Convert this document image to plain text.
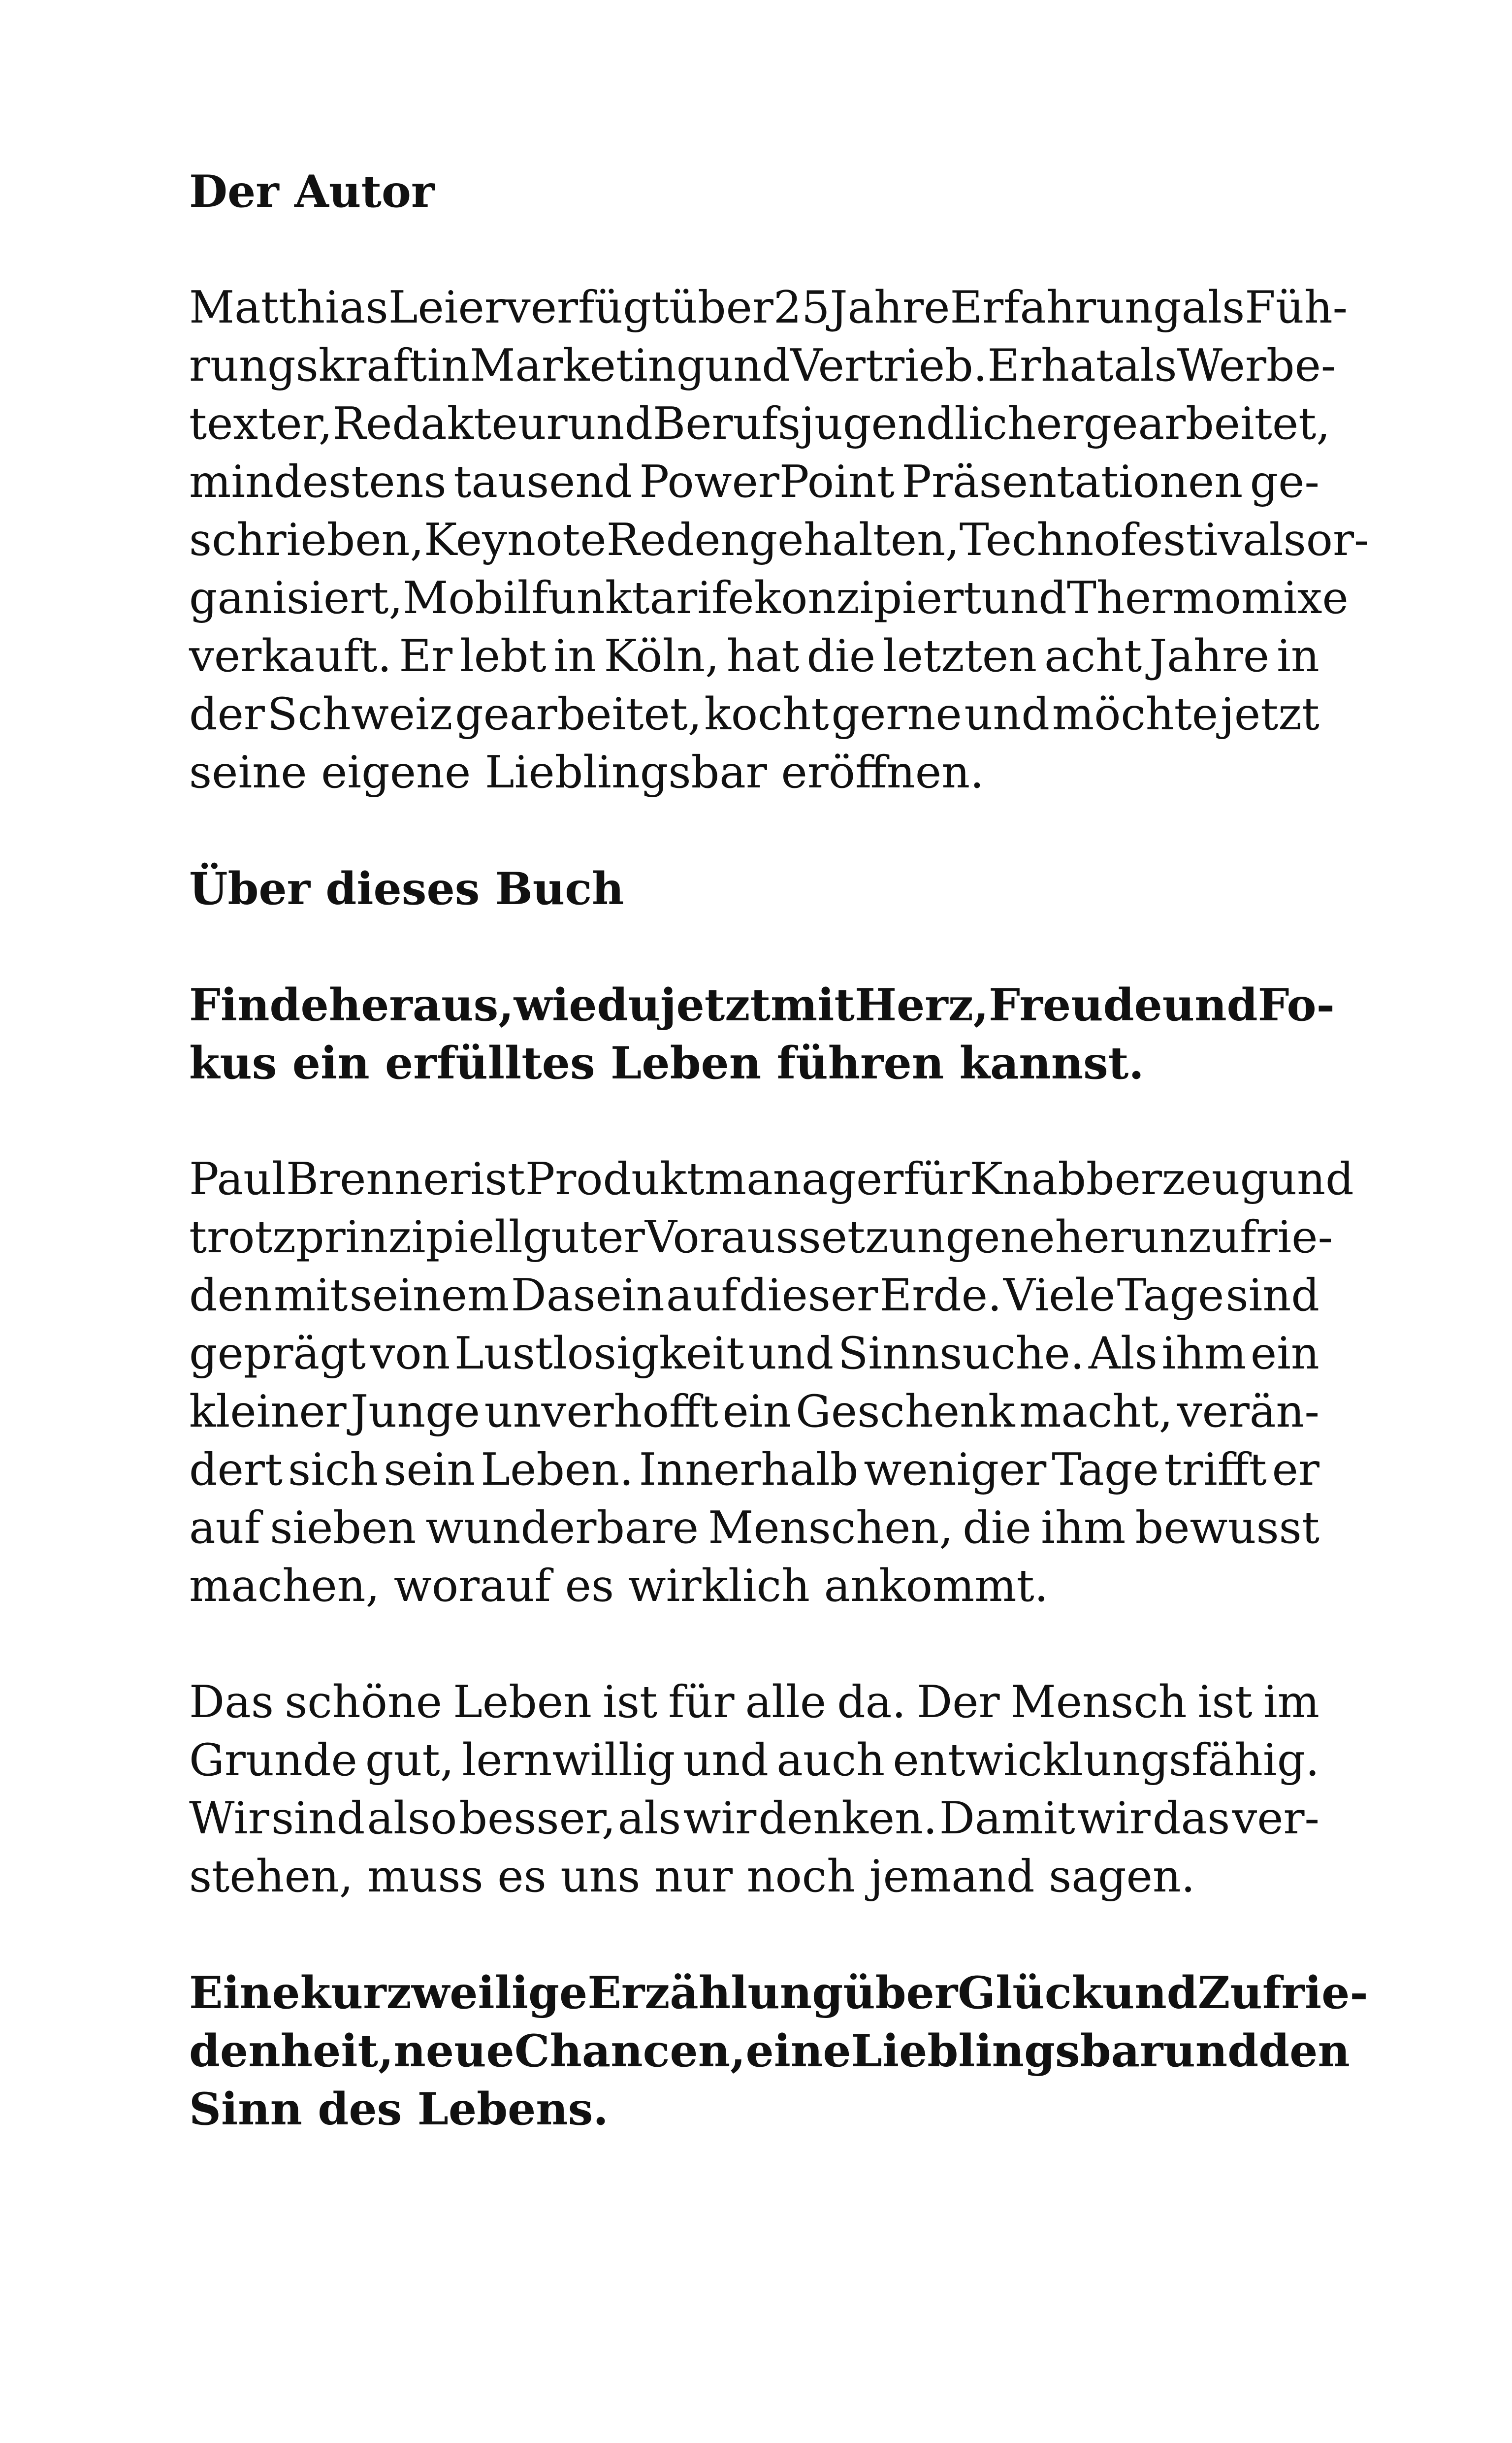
Der Autor
Matthias Leier verfügt über 25 Jahre Erfahrung als Füh-
rungskraft in Marketing und Vertrieb. Er hat als Werbe-
texter, Redakteur und Berufsjugendlicher gearbeitet,
mindestens tausend PowerPoint Präsentationen ge-
schrieben, Keynote Reden gehalten, Technofestivals or-
ganisiert, Mobilfunktarife konzipiert und Thermomixe
verkauft. Er lebt in Köln, hat die letzten acht Jahre in
der Schweiz gearbeitet, kocht gerne und möchte jetzt
seine eigene Lieblingsbar eröffnen.
Über dieses Buch
Finde heraus, wie du jetzt mit Herz, Freude und Fo-
kus ein erfülltes Leben führen kannst.
Paul Brenner ist Produktmanager für Knabberzeug und
trotz prinzipiell guter Voraussetzungen eher unzufrie-
den mit seinem Dasein auf dieser Erde. Viele Tage sind
geprägt von Lustlosigkeit und Sinnsuche. Als ihm ein
kleiner Junge unverhofft ein Geschenk macht, verän-
dert sich sein Leben. Innerhalb weniger Tage trifft er
auf sieben wunderbare Menschen, die ihm bewusst
machen, worauf es wirklich ankommt.
Das schöne Leben ist für alle da. Der Mensch ist im
Grunde gut, lernwillig und auch entwicklungsfähig.
Wir sind also besser, als wir denken. Damit wir das ver-
stehen, muss es uns nur noch jemand sagen.
Eine kurzweilige Erzählung über Glück und Zufrie-
denheit, neue Chancen, eine Lieblingsbar und den
Sinn des Lebens.
